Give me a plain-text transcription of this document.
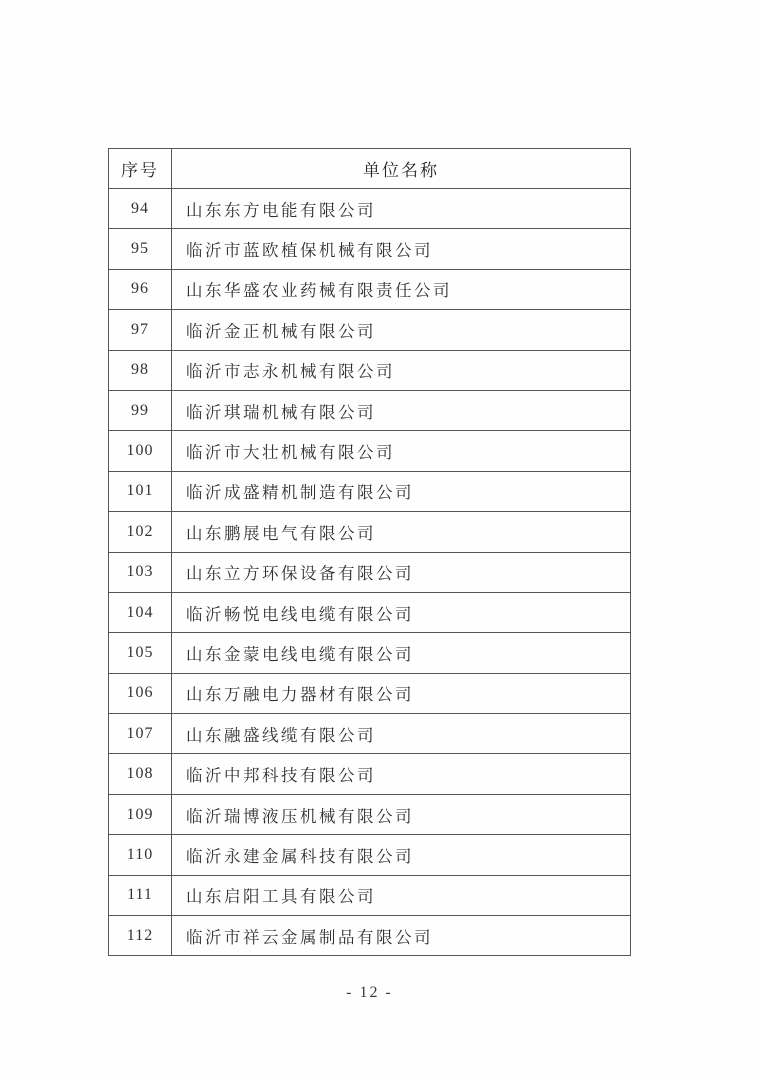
序号	单位名称
94	山东东方电能有限公司
95	临沂市蓝欧植保机械有限公司
96	山东华盛农业药械有限责任公司
97	临沂金正机械有限公司
98	临沂市志永机械有限公司
99	临沂琪瑞机械有限公司
100	临沂市大壮机械有限公司
101	临沂成盛精机制造有限公司
102	山东鹏展电气有限公司
103	山东立方环保设备有限公司
104	临沂畅悦电线电缆有限公司
105	山东金蒙电线电缆有限公司
106	山东万融电力器材有限公司
107	山东融盛线缆有限公司
108	临沂中邦科技有限公司
109	临沂瑞博液压机械有限公司
110	临沂永建金属科技有限公司
111	山东启阳工具有限公司
112	临沂市祥云金属制品有限公司
- 12 -
